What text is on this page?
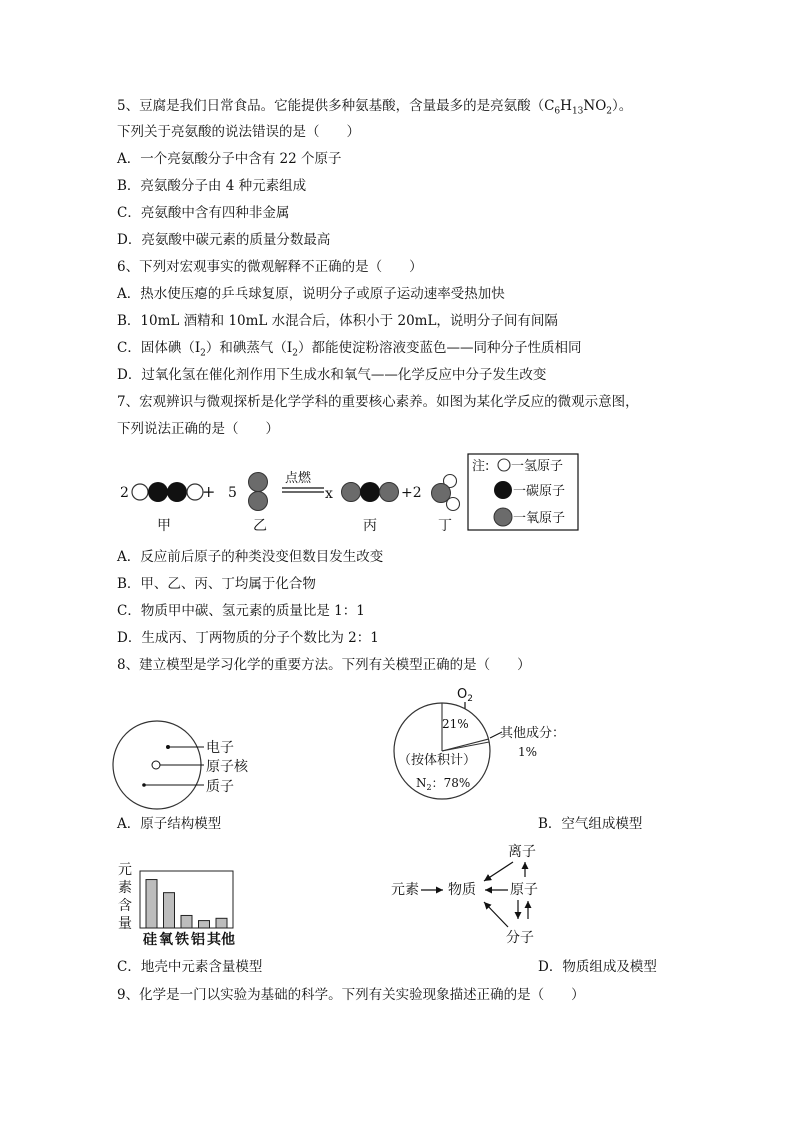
5、豆腐是我们日常食品。它能提供多种氨基酸，含量最多的是亮氨酸$(C_6H_{13}NO_2)$。
下列关于亮氨酸的说法错误的是（　　）
A．一个亮氨酸分子中含有 22 个原子
B．亮氨酸分子由 4 种元素组成
C．亮氨酸中含有四种非金属
D．亮氨酸中碳元素的质量分数最高
6、下列对宏观事实的微观解释不正确的是（　　）
A．热水使压瘪的乒乓球复原，说明分子或原子运动速率受热加快
B．10mL 酒精和 10mL 水混合后，体积小于 20mL，说明分子间有间隔
C．固体碘$(I_2)$和碘蒸气$(I_2)$都能使淀粉溶液变蓝色——同种分子性质相同
D．过氧化氢在催化剂作用下生成水和氧气——化学反应中分子发生改变
7、宏观辨识与微观探析是化学学科的重要核心素养。如图为某化学反应的微观示意图，
下列说法正确的是（　　）
2	+ 5
点燃
x	+2
甲	乙	丙	丁
注: 一氢原子
一碳原子
一氧原子
A．反应前后原子的种类没变但数目发生改变
B．甲、乙、丙、丁均属于化合物
C．物质甲中碳、氢元素的质量比是 1：1
D．生成丙、丁两物质的分子个数比为 2：1
8、建立模型是学习化学的重要方法。下列有关模型正确的是（　　）
电子
原子核
质子
A．原子结构模型
$O_2$
21%
其他成分：
1%
（按体积计）
$N_2$：78%
B．空气组成模型
元
素
含
量
硅 氧 铁 铝 其他
C．地壳中元素含量模型
离子
元素 物质 原子
分子
D．物质组成及模型
9、化学是一门以实验为基础的科学。下列有关实验现象描述正确的是（　　）
